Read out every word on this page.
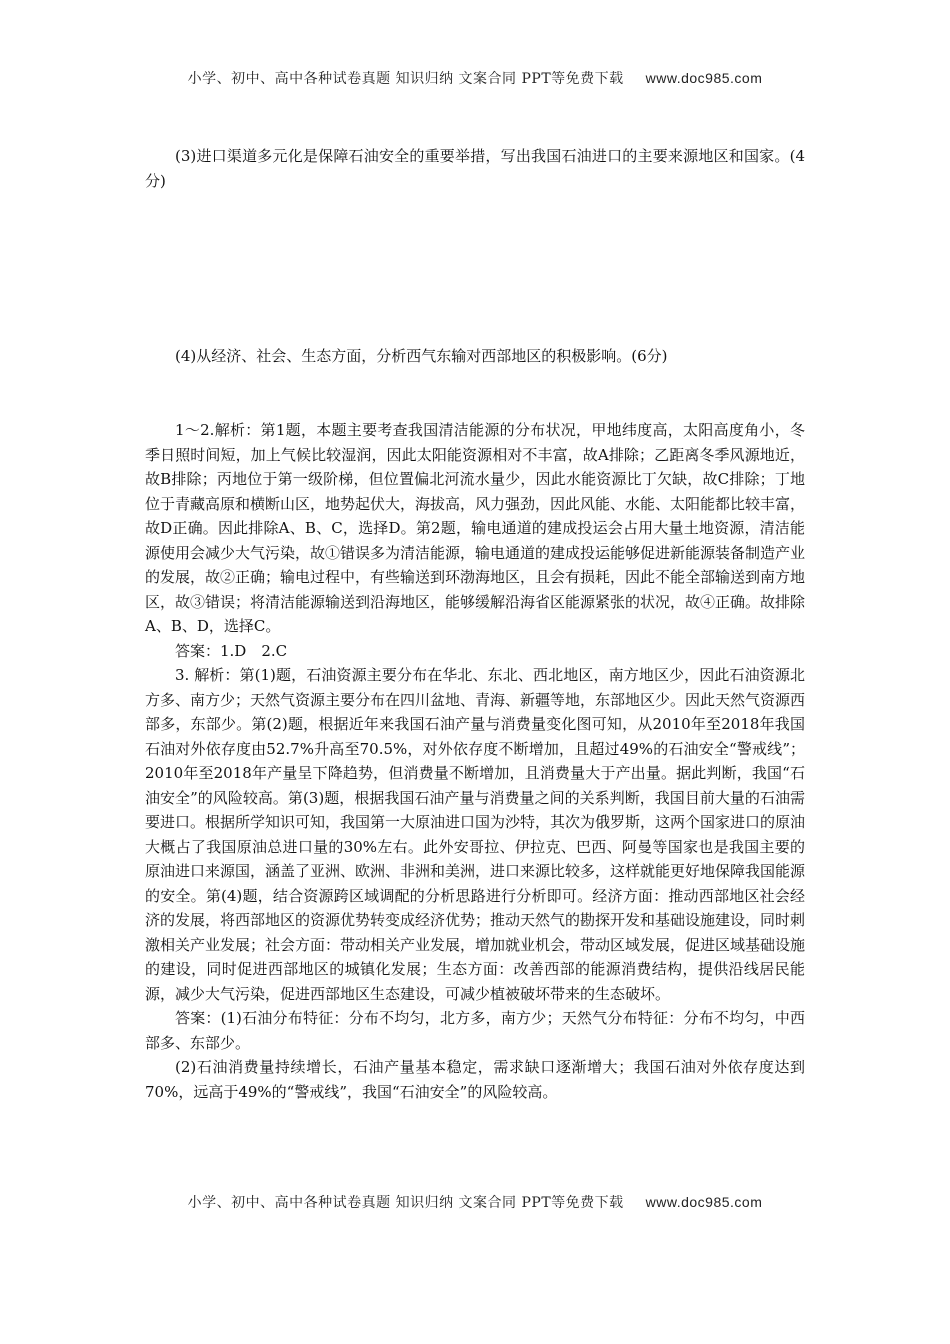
小学、初中、高中各种试卷真题 知识归纳 文案合同 PPT等免费下载 www.doc985.com

(3)进口渠道多元化是保障石油安全的重要举措，写出我国石油进口的主要来源地区和国家。(4分)

(4)从经济、社会、生态方面，分析西气东输对西部地区的积极影响。(6分)

1～2.解析：第1题，本题主要考查我国清洁能源的分布状况，甲地纬度高，太阳高度角小，冬季日照时间短，加上气候比较湿润，因此太阳能资源相对不丰富，故A排除；乙距离冬季风源地近，故B排除；丙地位于第一级阶梯，但位置偏北河流水量少，因此水能资源比丁欠缺，故C排除；丁地位于青藏高原和横断山区，地势起伏大，海拔高，风力强劲，因此风能、水能、太阳能都比较丰富，故D正确。因此排除A、B、C，选择D。第2题，输电通道的建成投运会占用大量土地资源，清洁能源使用会减少大气污染，故①错误多为清洁能源，输电通道的建成投运能够促进新能源装备制造产业的发展，故②正确；输电过程中，有些输送到环渤海地区，且会有损耗，因此不能全部输送到南方地区，故③错误；将清洁能源输送到沿海地区，能够缓解沿海省区能源紧张的状况，故④正确。故排除A、B、D，选择C。

答案：1.D　2.C

3. 解析：第(1)题，石油资源主要分布在华北、东北、西北地区，南方地区少，因此石油资源北方多、南方少；天然气资源主要分布在四川盆地、青海、新疆等地，东部地区少。因此天然气资源西部多，东部少。第(2)题，根据近年来我国石油产量与消费量变化图可知，从2010年至2018年我国石油对外依存度由52.7%升高至70.5%，对外依存度不断增加，且超过49%的石油安全“警戒线”；2010年至2018年产量呈下降趋势，但消费量不断增加，且消费量大于产出量。据此判断，我国“石油安全”的风险较高。第(3)题，根据我国石油产量与消费量之间的关系判断，我国目前大量的石油需要进口。根据所学知识可知，我国第一大原油进口国为沙特，其次为俄罗斯，这两个国家进口的原油大概占了我国原油总进口量的30%左右。此外安哥拉、伊拉克、巴西、阿曼等国家也是我国主要的原油进口来源国，涵盖了亚洲、欧洲、非洲和美洲，进口来源比较多，这样就能更好地保障我国能源的安全。第(4)题，结合资源跨区域调配的分析思路进行分析即可。经济方面：推动西部地区社会经济的发展，将西部地区的资源优势转变成经济优势；推动天然气的勘探开发和基础设施建设，同时刺激相关产业发展；社会方面：带动相关产业发展，增加就业机会，带动区域发展，促进区域基础设施的建设，同时促进西部地区的城镇化发展；生态方面：改善西部的能源消费结构，提供沿线居民能源，减少大气污染，促进西部地区生态建设，可减少植被破坏带来的生态破坏。

答案：(1)石油分布特征：分布不均匀，北方多，南方少；天然气分布特征：分布不均匀，中西部多、东部少。

(2)石油消费量持续增长，石油产量基本稳定，需求缺口逐渐增大；我国石油对外依存度达到70%，远高于49%的“警戒线”，我国“石油安全”的风险较高。

小学、初中、高中各种试卷真题 知识归纳 文案合同 PPT等免费下载 www.doc985.com
